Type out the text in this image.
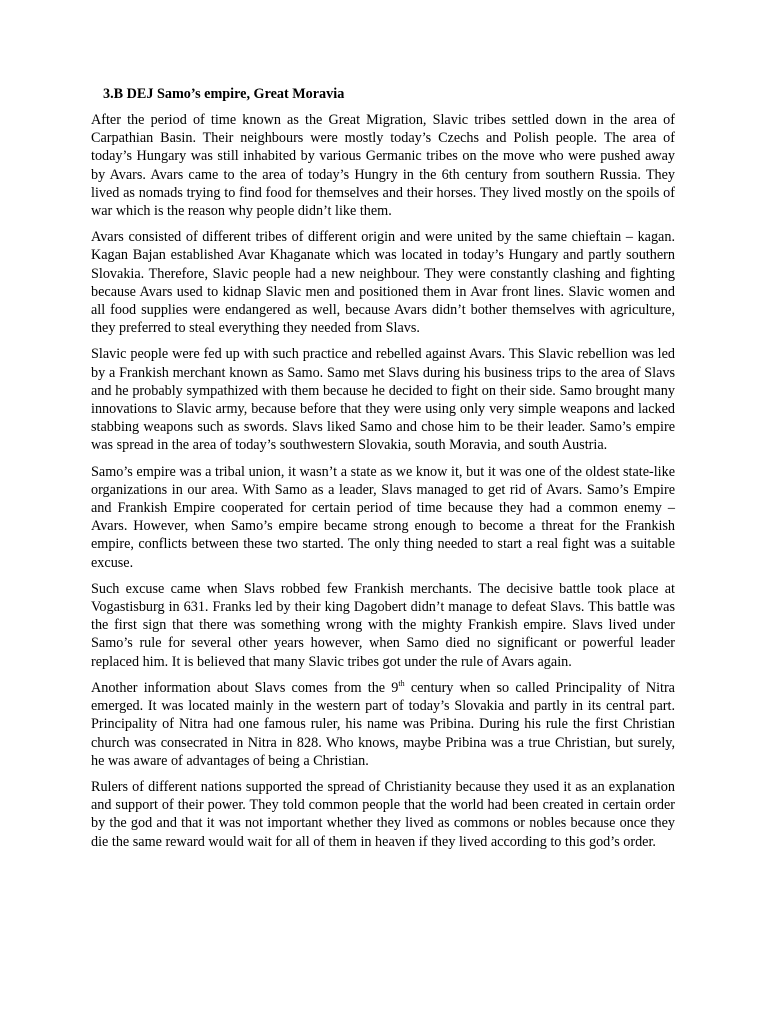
3.B DEJ Samo’s empire, Great Moravia

After the period of time known as the Great Migration, Slavic tribes settled down in the area of Carpathian Basin. Their neighbours were mostly today’s Czechs and Polish people. The area of today’s Hungary was still inhabited by various Germanic tribes on the move who were pushed away by Avars. Avars came to the area of today’s Hungry in the 6th century from southern Russia. They lived as nomads trying to find food for themselves and their horses. They lived mostly on the spoils of war which is the reason why people didn’t like them.

Avars consisted of different tribes of different origin and were united by the same chieftain – kagan. Kagan Bajan established Avar Khaganate which was located in today’s Hungary and partly southern Slovakia. Therefore, Slavic people had a new neighbour. They were constantly clashing and fighting because Avars used to kidnap Slavic men and positioned them in Avar front lines. Slavic women and all food supplies were endangered as well, because Avars didn’t bother themselves with agriculture, they preferred to steal everything they needed from Slavs.

Slavic people were fed up with such practice and rebelled against Avars. This Slavic rebellion was led by a Frankish merchant known as Samo. Samo met Slavs during his business trips to the area of Slavs and he probably sympathized with them because he decided to fight on their side. Samo brought many innovations to Slavic army, because before that they were using only very simple weapons and lacked stabbing weapons such as swords. Slavs liked Samo and chose him to be their leader. Samo’s empire was spread in the area of today’s southwestern Slovakia, south Moravia, and south Austria.

Samo’s empire was a tribal union, it wasn’t a state as we know it, but it was one of the oldest state-like organizations in our area. With Samo as a leader, Slavs managed to get rid of Avars. Samo’s Empire and Frankish Empire cooperated for certain period of time because they had a common enemy – Avars. However, when Samo’s empire became strong enough to become a threat for the Frankish empire, conflicts between these two started. The only thing needed to start a real fight was a suitable excuse.

Such excuse came when Slavs robbed few Frankish merchants. The decisive battle took place at Vogastisburg in 631. Franks led by their king Dagobert didn’t manage to defeat Slavs. This battle was the first sign that there was something wrong with the mighty Frankish empire. Slavs lived under Samo’s rule for several other years however, when Samo died no significant or powerful leader replaced him. It is believed that many Slavic tribes got under the rule of Avars again.

Another information about Slavs comes from the 9th century when so called Principality of Nitra emerged. It was located mainly in the western part of today’s Slovakia and partly in its central part. Principality of Nitra had one famous ruler, his name was Pribina. During his rule the first Christian church was consecrated in Nitra in 828. Who knows, maybe Pribina was a true Christian, but surely, he was aware of advantages of being a Christian.

Rulers of different nations supported the spread of Christianity because they used it as an explanation and support of their power. They told common people that the world had been created in certain order by the god and that it was not important whether they lived as commons or nobles because once they die the same reward would wait for all of them in heaven if they lived according to this god’s order.
